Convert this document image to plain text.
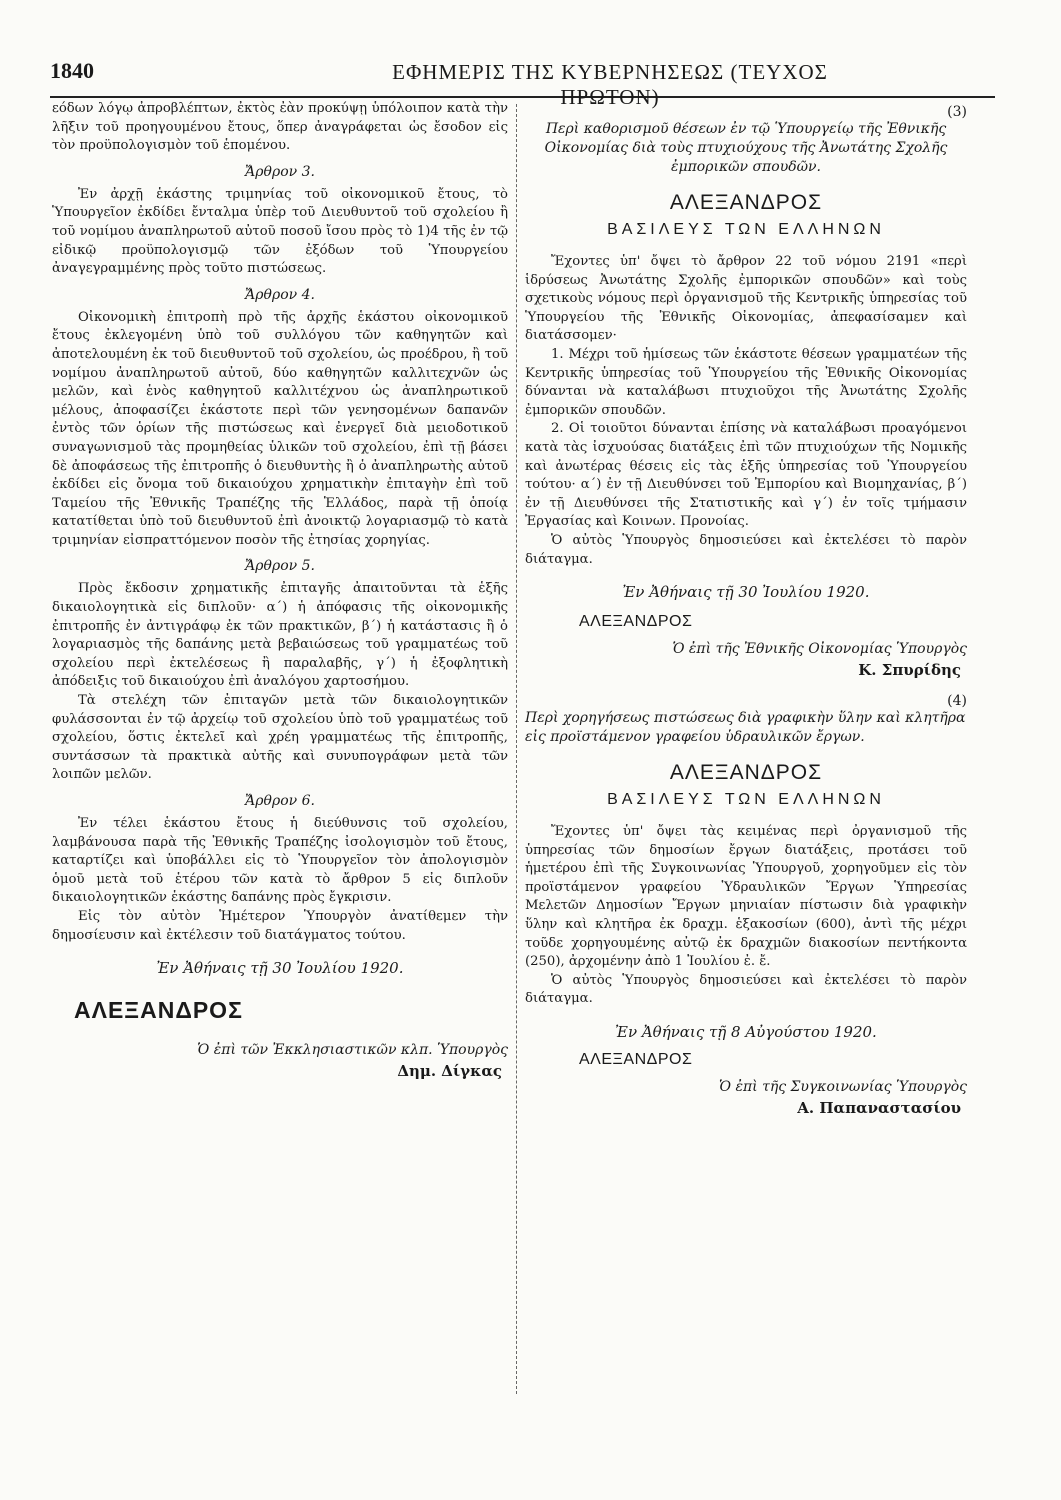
1840	ΕΦΗΜΕΡΙΣ ΤΗΣ ΚΥΒΕΡΝΗΣΕΩΣ (ΤΕΥΧΟΣ ΠΡΩΤΟΝ)

εόδων λόγῳ ἀπροβλέπτων, ἐκτὸς ἐὰν προκύψῃ ὑπόλοιπον κατὰ τὴν λῆξιν τοῦ προηγουμένου ἔτους, ὅπερ ἀναγράφεται ὡς ἔσοδον εἰς τὸν προϋπολογισμὸν τοῦ ἑπομένου.

Ἄρθρον 3.

Ἐν ἀρχῇ ἑκάστης τριμηνίας τοῦ οἰκονομικοῦ ἔτους, τὸ Ὑπουργεῖον ἐκδίδει ἔνταλμα ὑπὲρ τοῦ Διευθυντοῦ τοῦ σχολείου ἢ τοῦ νομίμου ἀναπληρωτοῦ αὐτοῦ ποσοῦ ἴσου πρὸς τὸ 1)4 τῆς ἐν τῷ εἰδικῷ προϋπολογισμῷ τῶν ἐξόδων τοῦ Ὑπουργείου ἀναγεγραμμένης πρὸς τοῦτο πιστώσεως.

Ἄρθρον 4.

Οἰκονομικὴ ἐπιτροπὴ πρὸ τῆς ἀρχῆς ἑκάστου οἰκονομικοῦ ἔτους ἐκλεγομένη ὑπὸ τοῦ συλλόγου τῶν καθηγητῶν καὶ ἀποτελουμένη ἐκ τοῦ διευθυντοῦ τοῦ σχολείου, ὡς προέδρου, ἢ τοῦ νομίμου ἀναπληρωτοῦ αὐτοῦ, δύο καθηγητῶν καλλιτεχνῶν ὡς μελῶν, καὶ ἑνὸς καθηγητοῦ καλλιτέχνου ὡς ἀναπληρωτικοῦ μέλους, ἀποφασίζει ἑκάστοτε περὶ τῶν γενησομένων δαπανῶν ἐντὸς τῶν ὁρίων τῆς πιστώσεως καὶ ἐνεργεῖ διὰ μειοδοτικοῦ συναγωνισμοῦ τὰς προμηθείας ὑλικῶν τοῦ σχολείου, ἐπὶ τῇ βάσει δὲ ἀποφάσεως τῆς ἐπιτροπῆς ὁ διευθυντὴς ἢ ὁ ἀναπληρωτὴς αὐτοῦ ἐκδίδει εἰς ὄνομα τοῦ δικαιούχου χρηματικὴν ἐπιταγὴν ἐπὶ τοῦ Ταμείου τῆς Ἐθνικῆς Τραπέζης τῆς Ἑλλάδος, παρὰ τῇ ὁποίᾳ κατατίθεται ὑπὸ τοῦ διευθυντοῦ ἐπὶ ἀνοικτῷ λογαριασμῷ τὸ κατὰ τριμηνίαν εἰσπραττόμενον ποσὸν τῆς ἐτησίας χορηγίας.

Ἄρθρον 5.

Πρὸς ἔκδοσιν χρηματικῆς ἐπιταγῆς ἀπαιτοῦνται τὰ ἑξῆς δικαιολογητικὰ εἰς διπλοῦν· α΄) ἡ ἀπόφασις τῆς οἰκονομικῆς ἐπιτροπῆς ἐν ἀντιγράφῳ ἐκ τῶν πρακτικῶν, β΄) ἡ κατάστασις ἢ ὁ λογαριασμὸς τῆς δαπάνης μετὰ βεβαιώσεως τοῦ γραμματέως τοῦ σχολείου περὶ ἐκτελέσεως ἢ παραλαβῆς, γ΄) ἡ ἐξοφλητικὴ ἀπόδειξις τοῦ δικαιούχου ἐπὶ ἀναλόγου χαρτοσήμου.

Τὰ στελέχη τῶν ἐπιταγῶν μετὰ τῶν δικαιολογητικῶν φυλάσσονται ἐν τῷ ἀρχείῳ τοῦ σχολείου ὑπὸ τοῦ γραμματέως τοῦ σχολείου, ὅστις ἐκτελεῖ καὶ χρέη γραμματέως τῆς ἐπιτροπῆς, συντάσσων τὰ πρακτικὰ αὐτῆς καὶ συνυπογράφων μετὰ τῶν λοιπῶν μελῶν.

Ἄρθρον 6.

Ἐν τέλει ἑκάστου ἔτους ἡ διεύθυνσις τοῦ σχολείου, λαμβάνουσα παρὰ τῆς Ἐθνικῆς Τραπέζης ἰσολογισμὸν τοῦ ἔτους, καταρτίζει καὶ ὑποβάλλει εἰς τὸ Ὑπουργεῖον τὸν ἀπολογισμὸν ὁμοῦ μετὰ τοῦ ἑτέρου τῶν κατὰ τὸ ἄρθρον 5 εἰς διπλοῦν δικαιολογητικῶν ἑκάστης δαπάνης πρὸς ἔγκρισιν.

Εἰς τὸν αὐτὸν Ἡμέτερον Ὑπουργὸν ἀνατίθεμεν τὴν δημοσίευσιν καὶ ἐκτέλεσιν τοῦ διατάγματος τούτου.

Ἐν Ἀθήναις τῇ 30 Ἰουλίου 1920.
ΑΛΕΞΑΝΔΡΟΣ
Ὁ ἐπὶ τῶν Ἐκκλησιαστικῶν κλπ. Ὑπουργὸς
Δημ. Δίγκας
(3)
Περὶ καθορισμοῦ θέσεων ἐν τῷ Ὑπουργείῳ τῆς Ἐθνικῆς Οἰκονομίας διὰ τοὺς πτυχιούχους τῆς Ἀνωτάτης Σχολῆς ἐμπορικῶν σπουδῶν.
ΑΛΕΞΑΝΔΡΟΣ
ΒΑΣΙΛΕΥΣ ΤΩΝ ΕΛΛΗΝΩΝ

Ἔχοντες ὑπ' ὄψει τὸ ἄρθρον 22 τοῦ νόμου 2191 «περὶ ἱδρύσεως Ἀνωτάτης Σχολῆς ἐμπορικῶν σπουδῶν» καὶ τοὺς σχετικοὺς νόμους περὶ ὀργανισμοῦ τῆς Κεντρικῆς ὑπηρεσίας τοῦ Ὑπουργείου τῆς Ἐθνικῆς Οἰκονομίας, ἀπεφασίσαμεν καὶ διατάσσομεν·

1. Μέχρι τοῦ ἡμίσεως τῶν ἑκάστοτε θέσεων γραμματέων τῆς Κεντρικῆς ὑπηρεσίας τοῦ Ὑπουργείου τῆς Ἐθνικῆς Οἰκονομίας δύνανται νὰ καταλάβωσι πτυχιοῦχοι τῆς Ἀνωτάτης Σχολῆς ἐμπορικῶν σπουδῶν.

2. Οἱ τοιοῦτοι δύνανται ἐπίσης νὰ καταλάβωσι προαγόμενοι κατὰ τὰς ἰσχυούσας διατάξεις ἐπὶ τῶν πτυχιούχων τῆς Νομικῆς καὶ ἀνωτέρας θέσεις εἰς τὰς ἑξῆς ὑπηρεσίας τοῦ Ὑπουργείου τούτου· α΄) ἐν τῇ Διευθύνσει τοῦ Ἐμπορίου καὶ Βιομηχανίας, β΄) ἐν τῇ Διευθύνσει τῆς Στατιστικῆς καὶ γ΄) ἐν τοῖς τμήμασιν Ἐργασίας καὶ Κοινων. Προνοίας.

Ὁ αὐτὸς Ὑπουργὸς δημοσιεύσει καὶ ἐκτελέσει τὸ παρὸν διάταγμα.

Ἐν Ἀθήναις τῇ 30 Ἰουλίου 1920.
ΑΛΕΞΑΝΔΡΟΣ
Ὁ ἐπὶ τῆς Ἐθνικῆς Οἰκονομίας Ὑπουργὸς
Κ. Σπυρίδης
(4)
Περὶ χορηγήσεως πιστώσεως διὰ γραφικὴν ὕλην καὶ κλητῆρα εἰς προϊστάμενον γραφείου ὑδραυλικῶν ἔργων.
ΑΛΕΞΑΝΔΡΟΣ
ΒΑΣΙΛΕΥΣ ΤΩΝ ΕΛΛΗΝΩΝ

Ἔχοντες ὑπ' ὄψει τὰς κειμένας περὶ ὀργανισμοῦ τῆς ὑπηρεσίας τῶν δημοσίων ἔργων διατάξεις, προτάσει τοῦ ἡμετέρου ἐπὶ τῆς Συγκοινωνίας Ὑπουργοῦ, χορηγοῦμεν εἰς τὸν προϊστάμενον γραφείου Ὑδραυλικῶν Ἔργων Ὑπηρεσίας Μελετῶν Δημοσίων Ἔργων μηνιαίαν πίστωσιν διὰ γραφικὴν ὕλην καὶ κλητῆρα ἐκ δραχμ. ἑξακοσίων (600), ἀντὶ τῆς μέχρι τοῦδε χορηγουμένης αὐτῷ ἐκ δραχμῶν διακοσίων πεντήκοντα (250), ἀρχομένην ἀπὸ 1 Ἰουλίου ἐ. ἔ.

Ὁ αὐτὸς Ὑπουργὸς δημοσιεύσει καὶ ἐκτελέσει τὸ παρὸν διάταγμα.

Ἐν Ἀθήναις τῇ 8 Αὐγούστου 1920.
ΑΛΕΞΑΝΔΡΟΣ
Ὁ ἐπὶ τῆς Συγκοινωνίας Ὑπουργὸς
Α. Παπαναστασίου
